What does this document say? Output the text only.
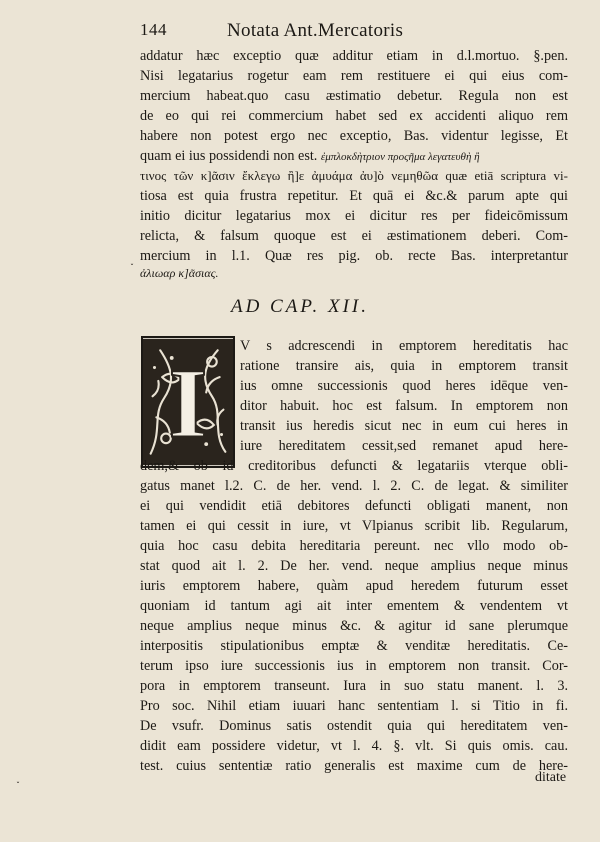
144	Notata Ant.Mercatoris
addatur hæc exceptio quæ additur etiam in d.l.mortuo. §.pen.
Nisi legatarius rogetur eam rem restituere ei qui eius com-
mercium habeat.quo casu æstimatio debetur. Regula non est
de eo qui rei commercium habet sed ex accidenti aliquo rem
habere non potest ergo nec exceptio, Bas. videntur legisse, Et
quam ei ius possidendi non est. ἐμπλοκδὴτριον προςῆμα λεγατευθὴ ἢ
τινος τῶν κ]ᾶσιν ἔκλεγω ἢ]ε ἀμυάμα ἀυ]ὸ νεμηθῶα quæ etiā scriptura vi-
tiosa est quia frustra repetitur. Et quā ei &c.& parum apte qui
initio dicitur legatarius mox ei dicitur res per fideicōmissum
relicta, & falsum quoque est ei æstimationem deberi. Com-
mercium in l.1. Quæ res pig. ob. recte Bas. interpretantur
ἀλιωαρ κ]ᾶσιας.
AD CAP. XII.
I
V s adcrescendi in emptorem hereditatis hac
ratione transire ais, quia in emptorem transit
ius omne successionis quod heres idēque ven-
ditor habuit. hoc est falsum. In emptorem non
transit ius heredis sicut nec in eum cui heres in
iure hereditatem cessit,sed remanet apud here-
dem,& ob id creditoribus defuncti & legatariis vterque obli-
gatus manet l.2. C. de her. vend. l. 2. C. de legat. & similiter
ei qui vendidit etiā debitores defuncti obligati manent, non
tamen ei qui cessit in iure, vt Vlpianus scribit lib. Regularum,
quia hoc casu debita hereditaria pereunt. nec vllo modo ob-
stat quod ait l. 2. De her. vend. neque amplius neque minus
iuris emptorem habere, quàm apud heredem futurum esset
quoniam id tantum agi ait inter ementem & vendentem vt
neque amplius neque minus &c. & agitur id sane plerumque
interpositis stipulationibus emptæ & venditæ hereditatis. Ce-
terum ipso iure successionis ius in emptorem non transit. Cor-
pora in emptorem transeunt. Iura in suo statu manent. l. 3.
Pro soc. Nihil etiam iuuari hanc sententiam l. si Titio in fi.
De vsufr. Dominus satis ostendit quia qui hereditatem ven-
didit eam possidere videtur, vt l. 4. §. vlt. Si quis omis. cau.
test. cuius sententiæ ratio generalis est maxime cum de here-
ditate
˯
˯
